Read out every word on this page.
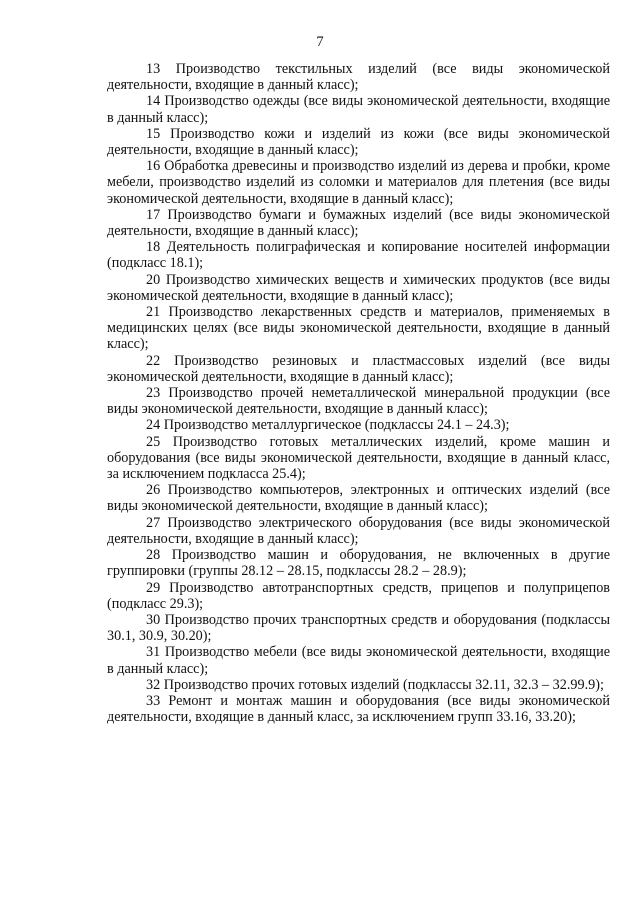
7

13 Производство текстильных изделий (все виды экономической деятельности, входящие в данный класс);

14 Производство одежды (все виды экономической деятельности, входящие в данный класс);

15 Производство кожи и изделий из кожи (все виды экономической деятельности, входящие в данный класс);

16 Обработка древесины и производство изделий из дерева и пробки, кроме мебели, производство изделий из соломки и материалов для плетения (все виды экономической деятельности, входящие в данный класс);

17 Производство бумаги и бумажных изделий (все виды экономической деятельности, входящие в данный класс);

18 Деятельность полиграфическая и копирование носителей информации (подкласс 18.1);

20 Производство химических веществ и химических продуктов (все виды экономической деятельности, входящие в данный класс);

21 Производство лекарственных средств и материалов, применяемых в медицинских целях (все виды экономической деятельности, входящие в данный класс);

22 Производство резиновых и пластмассовых изделий (все виды экономической деятельности, входящие в данный класс);

23 Производство прочей неметаллической минеральной продукции (все виды экономической деятельности, входящие в данный класс);

24 Производство металлургическое (подклассы 24.1 – 24.3);

25 Производство готовых металлических изделий, кроме машин и оборудования (все виды экономической деятельности, входящие в данный класс, за исключением подкласса 25.4);

26 Производство компьютеров, электронных и оптических изделий (все виды экономической деятельности, входящие в данный класс);

27 Производство электрического оборудования (все виды экономической деятельности, входящие в данный класс);

28 Производство машин и оборудования, не включенных в другие группировки (группы 28.12 – 28.15, подклассы 28.2 – 28.9);

29 Производство автотранспортных средств, прицепов и полуприцепов (подкласс 29.3);

30 Производство прочих транспортных средств и оборудования (подклассы 30.1, 30.9, 30.20);

31 Производство мебели (все виды экономической деятельности, входящие в данный класс);

32 Производство прочих готовых изделий (подклассы 32.11, 32.3 – 32.99.9);

33 Ремонт и монтаж машин и оборудования (все виды экономической деятельности, входящие в данный класс, за исключением групп 33.16, 33.20);
